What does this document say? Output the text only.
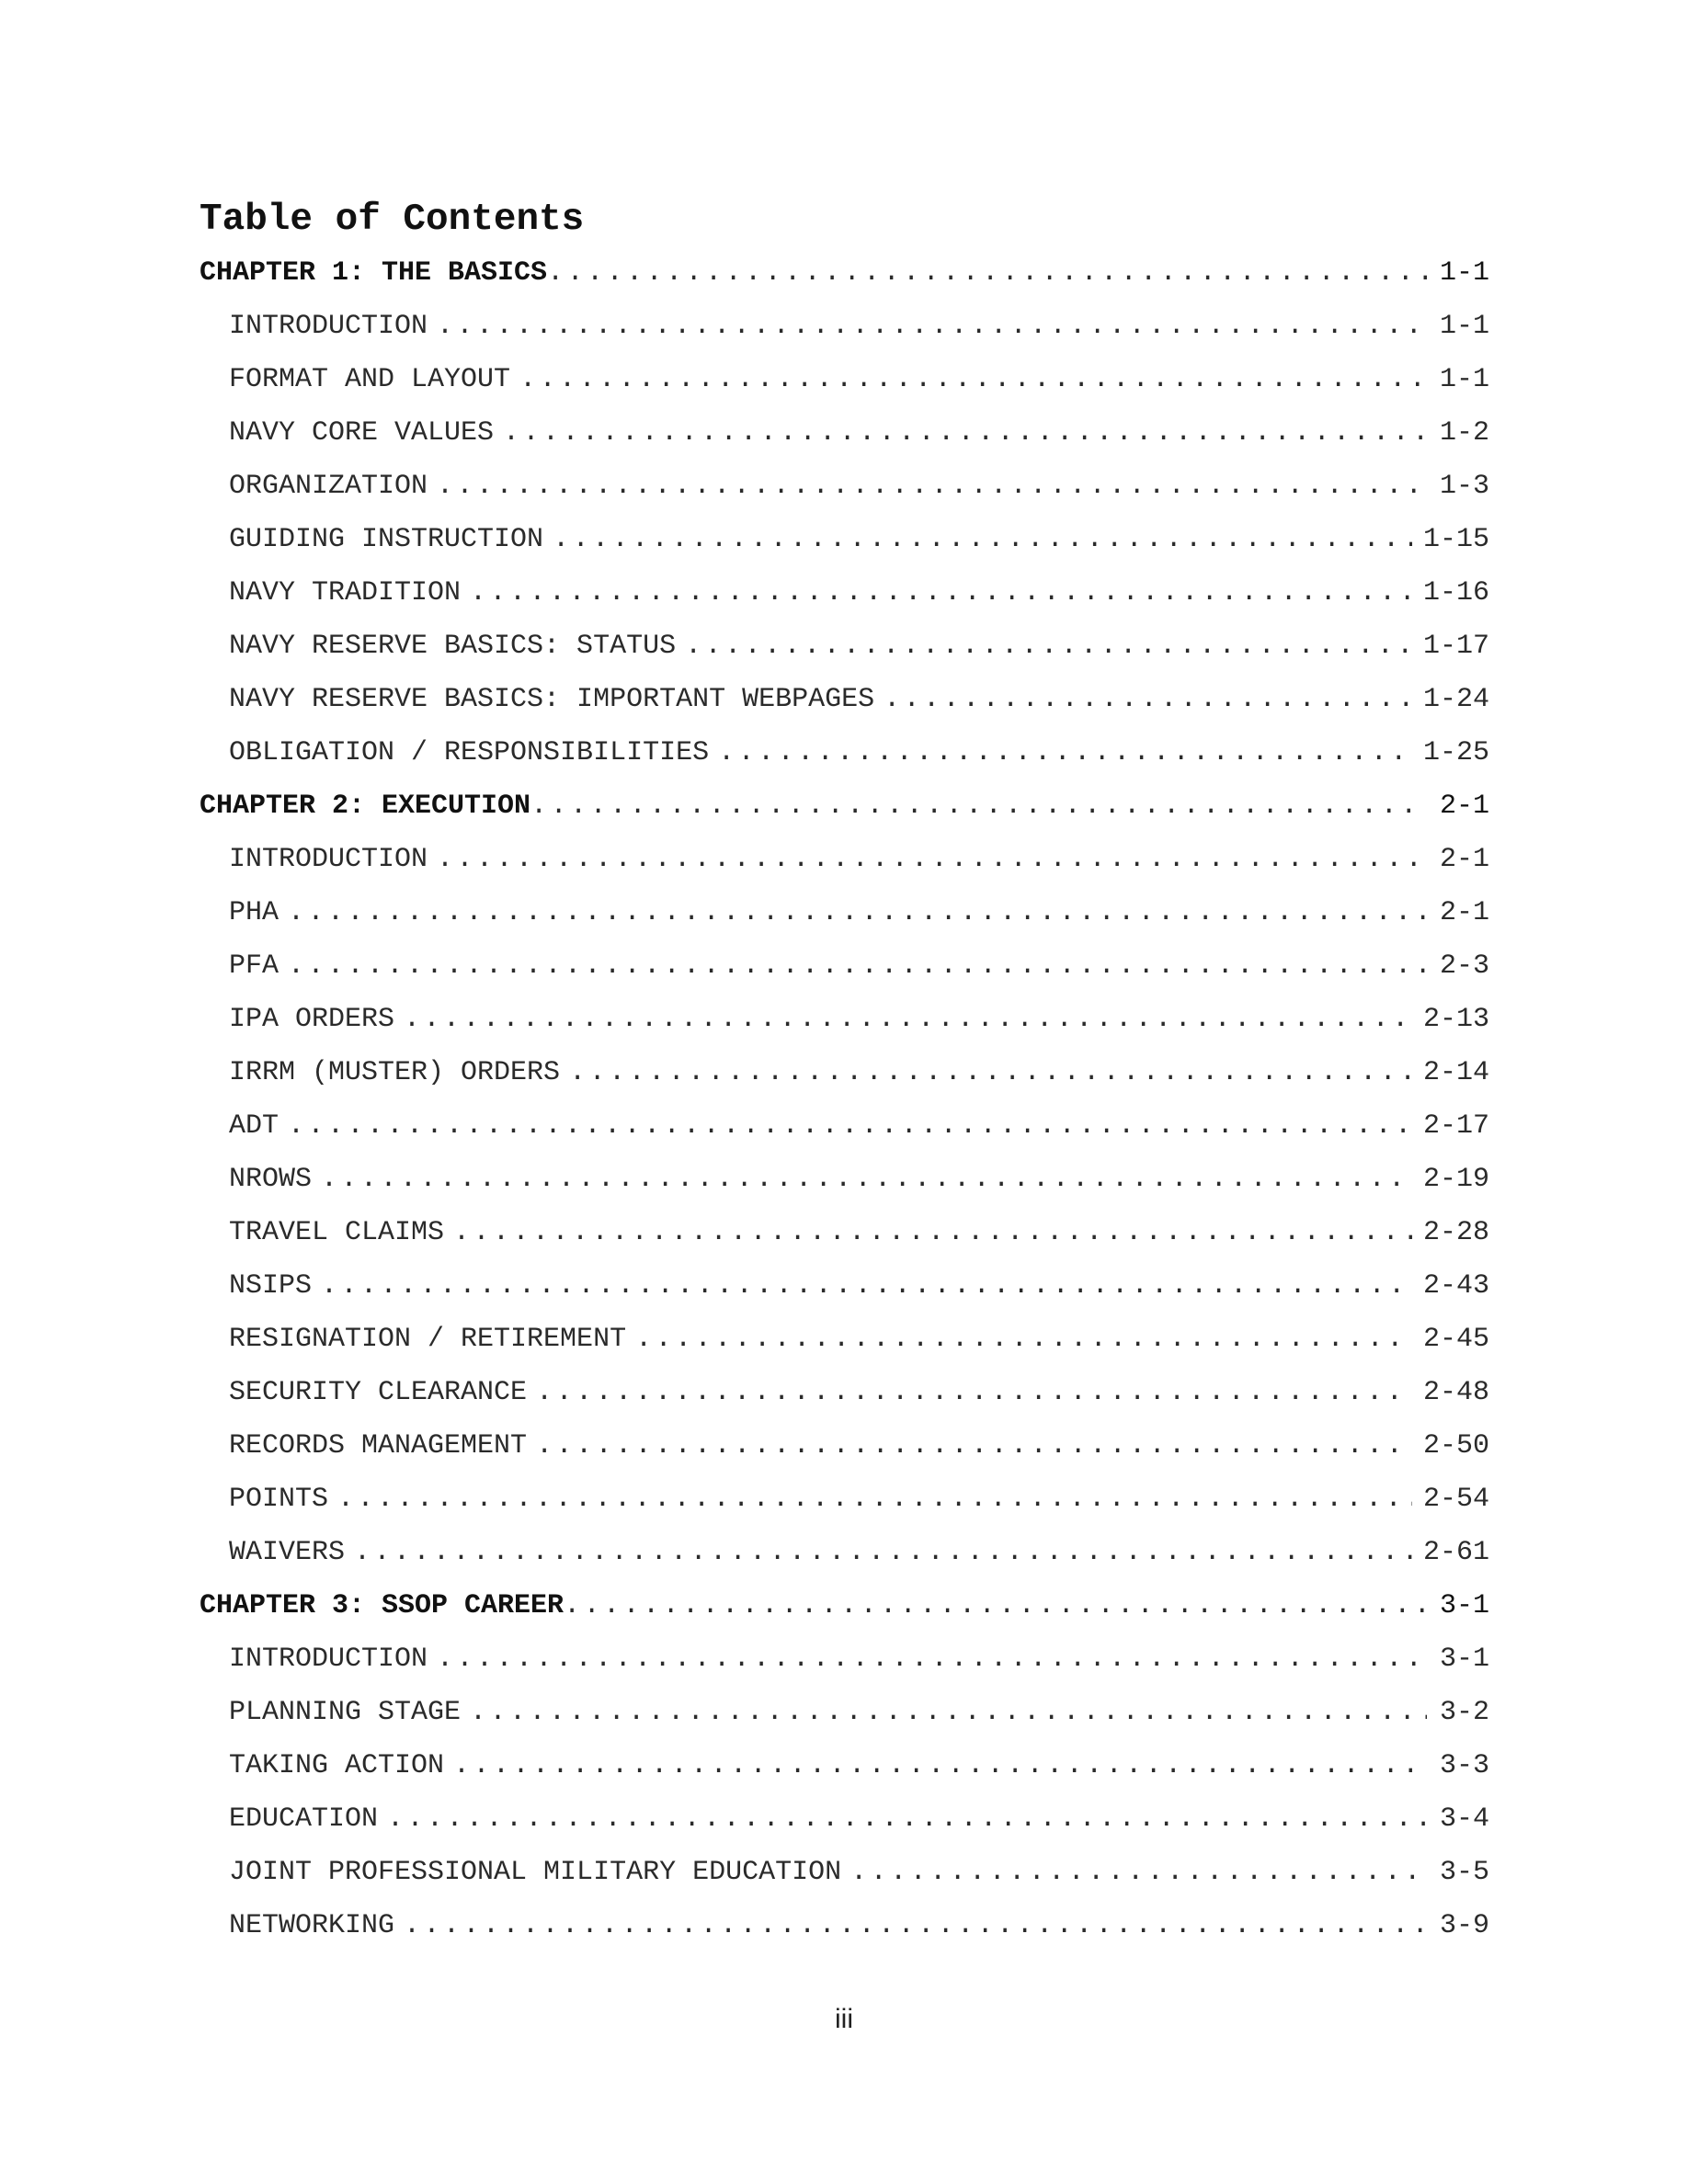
Table of Contents
CHAPTER 1: THE BASICS .....	1-1
INTRODUCTION .....	1-1
FORMAT AND LAYOUT .....	1-1
NAVY CORE VALUES .....	1-2
ORGANIZATION .....	1-3
GUIDING INSTRUCTION .....	1-15
NAVY TRADITION .....	1-16
NAVY RESERVE BASICS: STATUS .....	1-17
NAVY RESERVE BASICS: IMPORTANT WEBPAGES .....	1-24
OBLIGATION / RESPONSIBILITIES .....	1-25
CHAPTER 2: EXECUTION .....	2-1
INTRODUCTION .....	2-1
PHA .....	2-1
PFA .....	2-3
IPA ORDERS .....	2-13
IRRM (MUSTER) ORDERS .....	2-14
ADT .....	2-17
NROWS .....	2-19
TRAVEL CLAIMS .....	2-28
NSIPS .....	2-43
RESIGNATION / RETIREMENT .....	2-45
SECURITY CLEARANCE .....	2-48
RECORDS MANAGEMENT .....	2-50
POINTS .....	2-54
WAIVERS .....	2-61
CHAPTER 3: SSOP CAREER .....	3-1
INTRODUCTION .....	3-1
PLANNING STAGE .....	3-2
TAKING ACTION .....	3-3
EDUCATION .....	3-4
JOINT PROFESSIONAL MILITARY EDUCATION .....	3-5
NETWORKING .....	3-9
iii
